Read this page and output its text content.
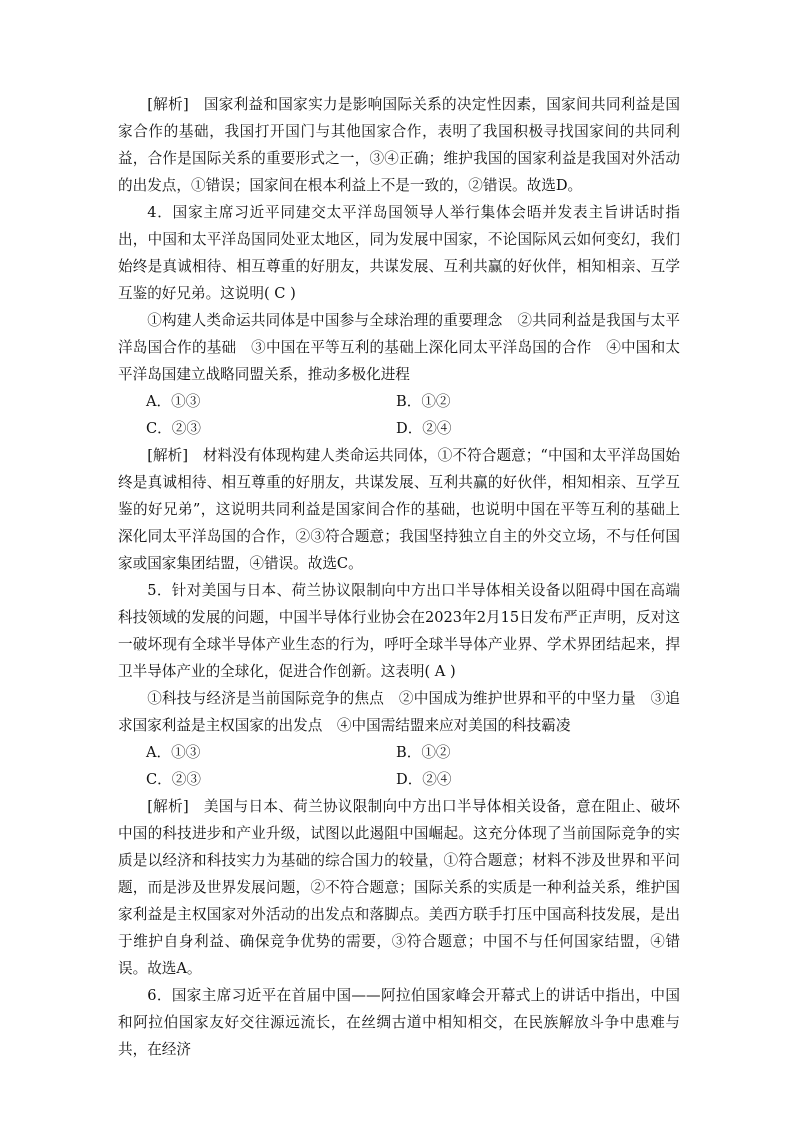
[解析]　 国家利益和国家实力是影响国际关系的决定性因素，国家间共同利益是国家合作的基础，我国打开国门与其他国家合作，表明了我国积极寻找国家间的共同利益，合作是国际关系的重要形式之一，③④正确；维护我国的国家利益是我国对外活动的出发点，①错误；国家间在根本利益上不是一致的，②错误。故选D。

4．国家主席习近平同建交太平洋岛国领导人举行集体会晤并发表主旨讲话时指出，中国和太平洋岛国同处亚太地区，同为发展中国家，不论国际风云如何变幻，我们始终是真诚相待、相互尊重的好朋友，共谋发展、互利共赢的好伙伴，相知相亲、互学互鉴的好兄弟。这说明( C )

①构建人类命运共同体是中国参与全球治理的重要理念　②共同利益是我国与太平洋岛国合作的基础　③中国在平等互利的基础上深化同太平洋岛国的合作　④中国和太平洋岛国建立战略同盟关系，推动多极化进程

A．①③	B．①②
C．②③	D．②④

[解析]　 材料没有体现构建人类命运共同体，①不符合题意；“中国和太平洋岛国始终是真诚相待、相互尊重的好朋友，共谋发展、互利共赢的好伙伴，相知相亲、互学互鉴的好兄弟”，这说明共同利益是国家间合作的基础，也说明中国在平等互利的基础上深化同太平洋岛国的合作，②③符合题意；我国坚持独立自主的外交立场，不与任何国家或国家集团结盟，④错误。故选C。

5．针对美国与日本、荷兰协议限制向中方出口半导体相关设备以阻碍中国在高端科技领域的发展的问题，中国半导体行业协会在2023年2月15日发布严正声明，反对这一破坏现有全球半导体产业生态的行为，呼吁全球半导体产业界、学术界团结起来，捍卫半导体产业的全球化，促进合作创新。这表明( A )

①科技与经济是当前国际竞争的焦点　②中国成为维护世界和平的中坚力量　③追求国家利益是主权国家的出发点　④中国需结盟来应对美国的科技霸凌

A．①③	B．①②
C．②③	D．②④

[解析]　 美国与日本、荷兰协议限制向中方出口半导体相关设备，意在阻止、破坏中国的科技进步和产业升级，试图以此遏阻中国崛起。这充分体现了当前国际竞争的实质是以经济和科技实力为基础的综合国力的较量，①符合题意；材料不涉及世界和平问题，而是涉及世界发展问题，②不符合题意；国际关系的实质是一种利益关系，维护国家利益是主权国家对外活动的出发点和落脚点。美西方联手打压中国高科技发展，是出于维护自身利益、确保竞争优势的需要，③符合题意；中国不与任何国家结盟，④错误。故选A。

6．国家主席习近平在首届中国——阿拉伯国家峰会开幕式上的讲话中指出，中国和阿拉伯国家友好交往源远流长，在丝绸古道中相知相交，在民族解放斗争中患难与共，在经济
